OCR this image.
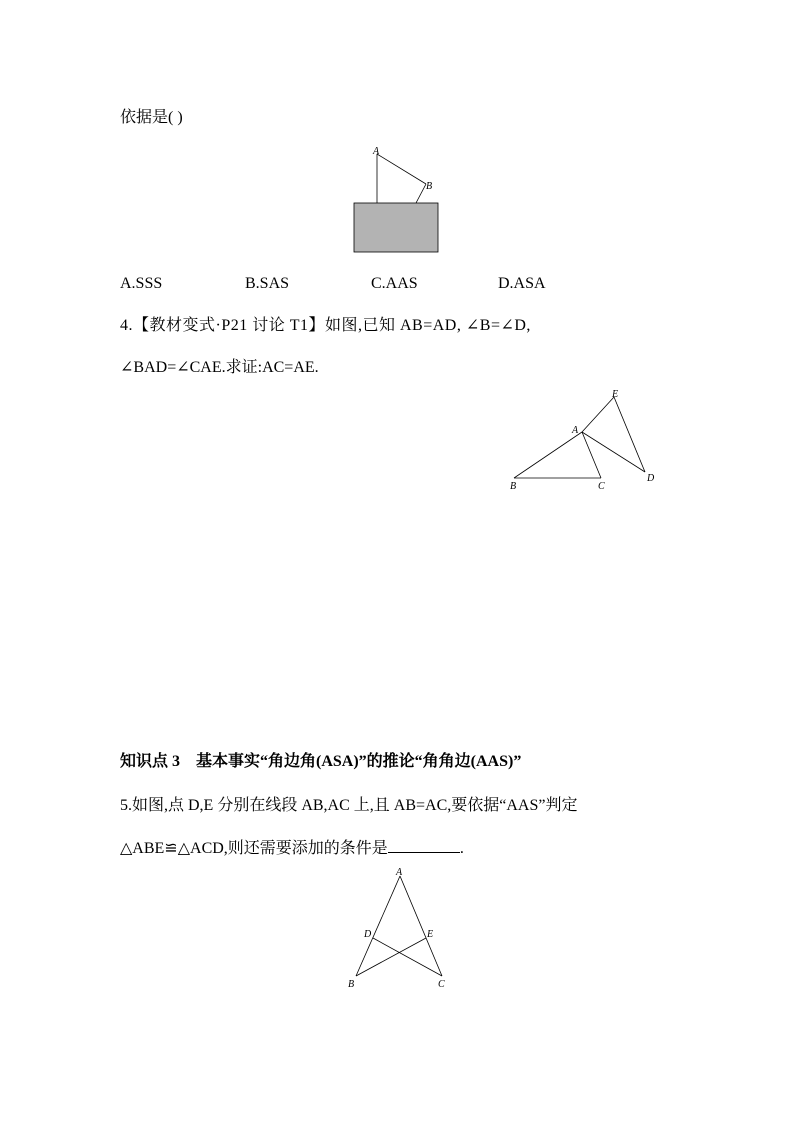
依据是( )
A
B
A.SSS	B.SAS	C.AAS	D.ASA
4.【教材变式·P21 讨论 T1】如图,已知 AB=AD, ∠B=∠D,
∠BAD=∠CAE.求证:AC=AE.
A
B	C
D
E
知识点 3　基本事实“角边角(ASA)”的推论“角角边(AAS)”
5.如图,点 D,E 分别在线段 AB,AC 上,且 AB=AC,要依据“AAS”判定
△ABE≌△ACD,则还需要添加的条件是	.
A
B	C
D	E
